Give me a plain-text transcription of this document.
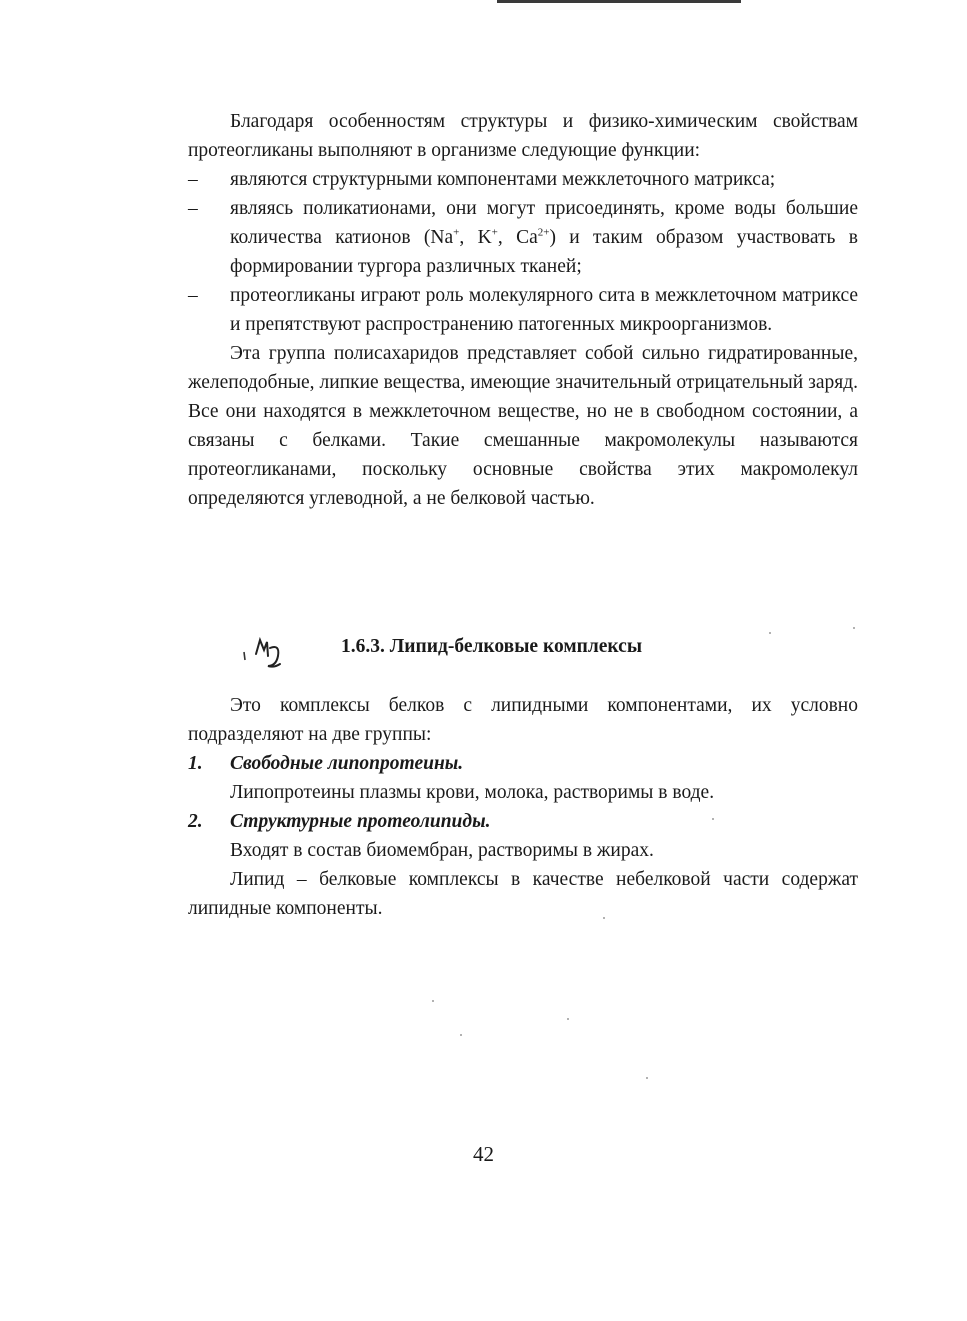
Благодаря особенностям структуры и физико-химическим свойствам протеогликаны выполняют в организме следующие функции:

– являются структурными компонентами межклеточного матрикса;
– являясь поликатионами, они могут присоединять, кроме воды большие количества катионов (Na+, K+, $Ca^{2+}$) и таким образом участвовать в формировании тургора различных тканей;
– протеогликаны играют роль молекулярного сита в межклеточном матриксе и препятствуют распространению патогенных микроорганизмов.

Эта группа полисахаридов представляет собой сильно гидратированные, желеподобные, липкие вещества, имеющие значительный отрицательный заряд. Все они находятся в межклеточном веществе, но не в свободном состоянии, а связаны с белками. Такие смешанные макромолекулы называются протеогликанами, поскольку основные свойства этих макромолекул определяются углеводной, а не белковой частью.

1.6.3. Липид-белковые комплексы

Это комплексы белков с липидными компонентами, их условно подразделяют на две группы:

1. Свободные липопротеины.
Липопротеины плазмы крови, молока, растворимы в воде.
2. Структурные протеолипиды.
Входят в состав биомембран, растворимы в жирах.

Липид – белковые комплексы в качестве небелковой части содержат липидные компоненты.

42
